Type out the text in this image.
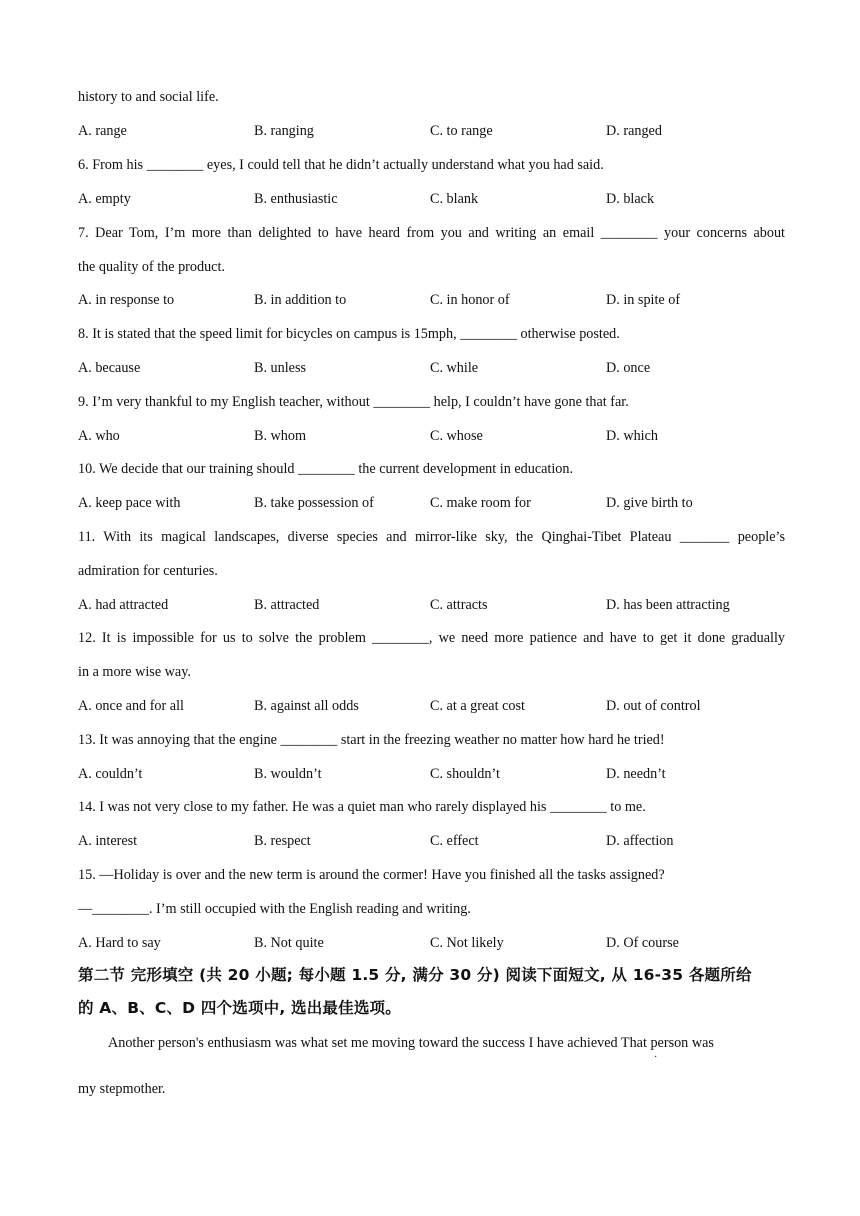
history to and social life.
A. range	B. ranging	C. to range	D. ranged
6. From his ________ eyes, I could tell that he didn’t actually understand what you had said.
A. empty	B. enthusiastic	C. blank	D. black
7. Dear Tom, I’m more than delighted to have heard from you and writing an email ________ your concerns about
the quality of the product.
A. in response to	B. in addition to	C. in honor of	D. in spite of
8. It is stated that the speed limit for bicycles on campus is 15mph, ________ otherwise posted.
A. because	B. unless	C. while	D. once
9. I’m very thankful to my English teacher, without ________ help, I couldn’t have gone that far.
A. who	B. whom	C. whose	D. which
10. We decide that our training should ________ the current development in education.
A. keep pace with	B. take possession of	C. make room for	D. give birth to
11. With its magical landscapes, diverse species and mirror-like sky, the Qinghai-Tibet Plateau _______ people’s
admiration for centuries.
A. had attracted	B. attracted	C. attracts	D. has been attracting
12. It is impossible for us to solve the problem ________, we need more patience and have to get it done gradually
in a more wise way.
A. once and for all	B. against all odds	C. at a great cost	D. out of control
13. It was annoying that the engine ________ start in the freezing weather no matter how hard he tried!
A. couldn’t	B. wouldn’t	C. shouldn’t	D. needn’t
14. I was not very close to my father. He was a quiet man who rarely displayed his ________ to me.
A. interest	B. respect	C. effect	D. affection
15. —Holiday is over and the new term is around the cormer! Have you finished all the tasks assigned?
—________. I’m still occupied with the English reading and writing.
A. Hard to say	B. Not quite	C. Not likely	D. Of course
第二节 完形填空 (共 20 小题; 每小题 1.5 分, 满分 30 分) 阅读下面短文, 从 16-35 各题所给
的 A、B、C、D 四个选项中, 选出最佳选项。
Another person's enthusiasm was what set me moving toward the success I have achieved That person was
·
my stepmother.
